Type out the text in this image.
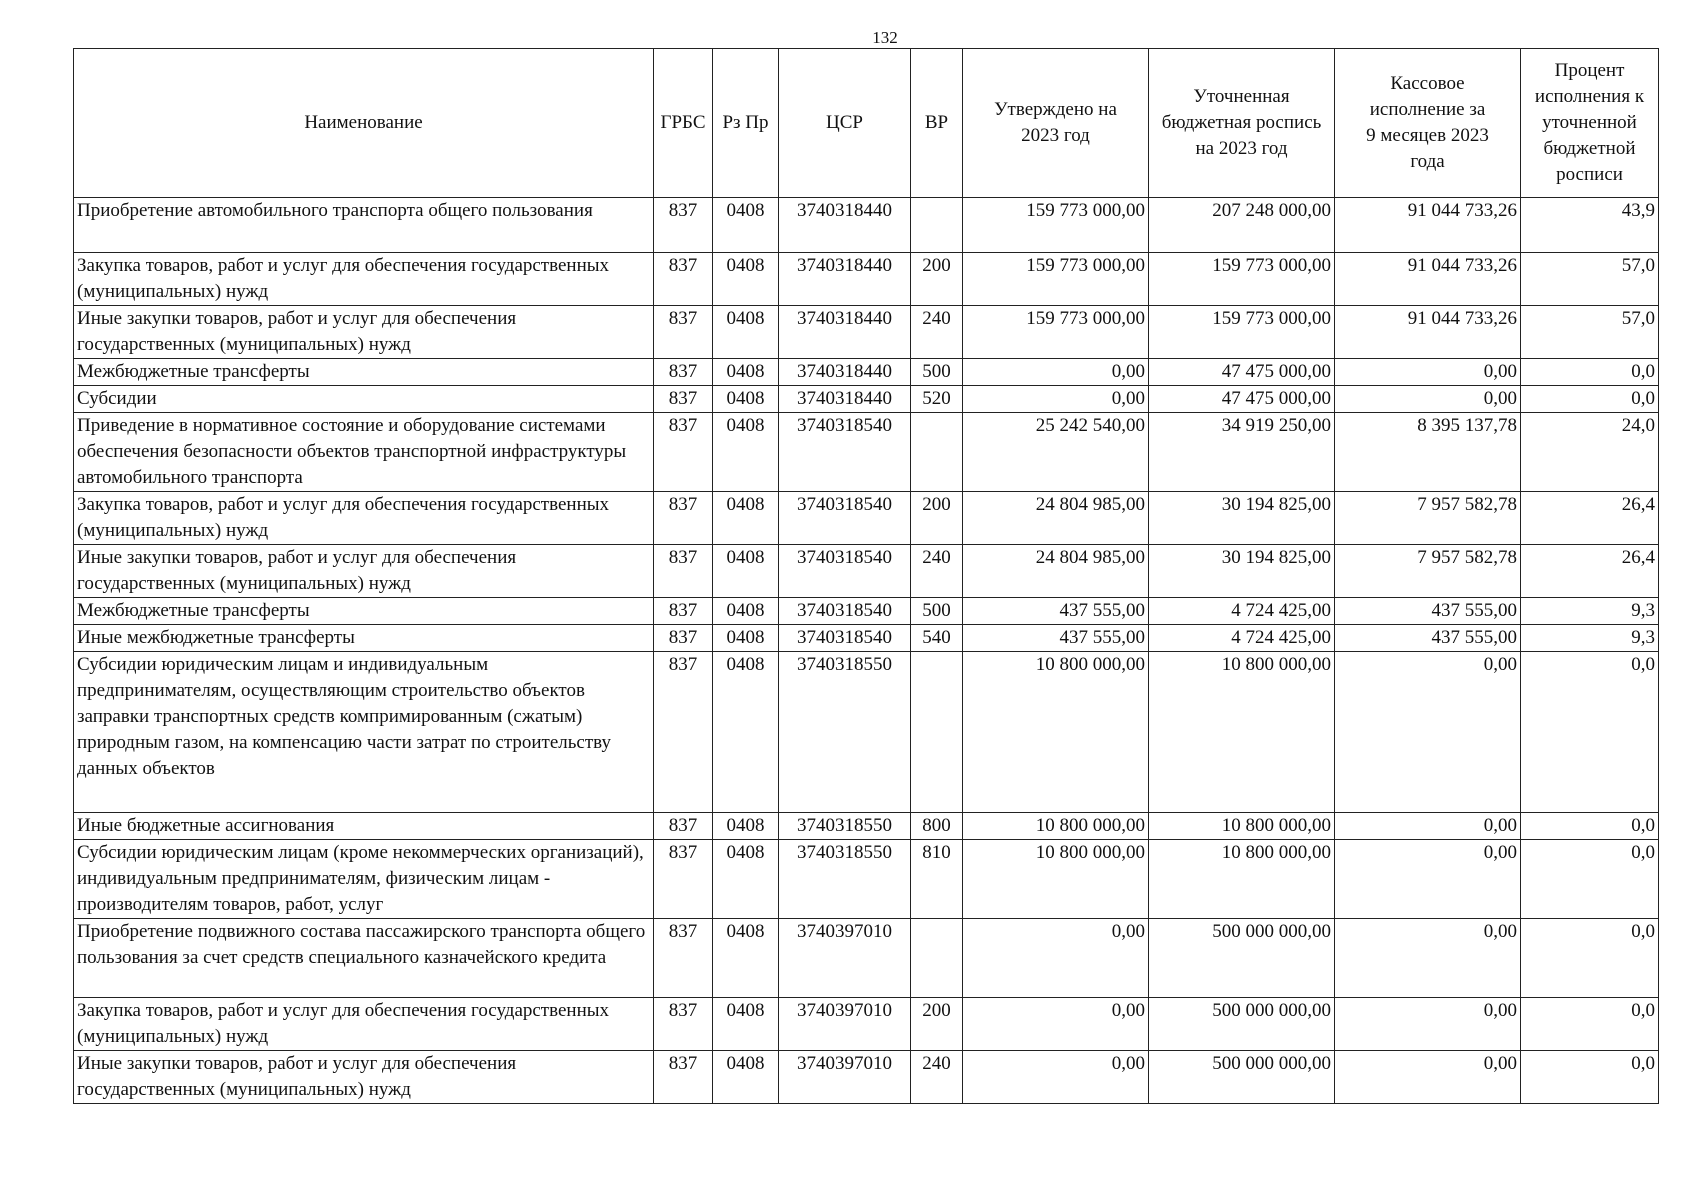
132
Наименование	ГРБС	Рз Пр	ЦСР	ВР	Утверждено на 2023 год	Уточненная бюджетная роспись на 2023 год	Кассовое исполнение за 9 месяцев 2023 года	Процент исполнения к уточненной бюджетной росписи
Приобретение автомобильного транспорта общего пользования	837	0408	3740318440		159 773 000,00	207 248 000,00	91 044 733,26	43,9
Закупка товаров, работ и услуг для обеспечения государственных (муниципальных) нужд	837	0408	3740318440	200	159 773 000,00	159 773 000,00	91 044 733,26	57,0
Иные закупки товаров, работ и услуг для обеспечения государственных (муниципальных) нужд	837	0408	3740318440	240	159 773 000,00	159 773 000,00	91 044 733,26	57,0
Межбюджетные трансферты	837	0408	3740318440	500	0,00	47 475 000,00	0,00	0,0
Субсидии	837	0408	3740318440	520	0,00	47 475 000,00	0,00	0,0
Приведение в нормативное состояние и оборудование системами обеспечения безопасности объектов транспортной инфраструктуры автомобильного транспорта	837	0408	3740318540		25 242 540,00	34 919 250,00	8 395 137,78	24,0
Закупка товаров, работ и услуг для обеспечения государственных (муниципальных) нужд	837	0408	3740318540	200	24 804 985,00	30 194 825,00	7 957 582,78	26,4
Иные закупки товаров, работ и услуг для обеспечения государственных (муниципальных) нужд	837	0408	3740318540	240	24 804 985,00	30 194 825,00	7 957 582,78	26,4
Межбюджетные трансферты	837	0408	3740318540	500	437 555,00	4 724 425,00	437 555,00	9,3
Иные межбюджетные трансферты	837	0408	3740318540	540	437 555,00	4 724 425,00	437 555,00	9,3
Субсидии юридическим лицам и индивидуальным предпринимателям, осуществляющим строительство объектов заправки транспортных средств компримированным (сжатым) природным газом, на компенсацию части затрат по строительству данных объектов	837	0408	3740318550		10 800 000,00	10 800 000,00	0,00	0,0
Иные бюджетные ассигнования	837	0408	3740318550	800	10 800 000,00	10 800 000,00	0,00	0,0
Субсидии юридическим лицам (кроме некоммерческих организаций), индивидуальным предпринимателям, физическим лицам - производителям товаров, работ, услуг	837	0408	3740318550	810	10 800 000,00	10 800 000,00	0,00	0,0
Приобретение подвижного состава пассажирского транспорта общего пользования за счет средств специального казначейского кредита	837	0408	3740397010		0,00	500 000 000,00	0,00	0,0
Закупка товаров, работ и услуг для обеспечения государственных (муниципальных) нужд	837	0408	3740397010	200	0,00	500 000 000,00	0,00	0,0
Иные закупки товаров, работ и услуг для обеспечения государственных (муниципальных) нужд	837	0408	3740397010	240	0,00	500 000 000,00	0,00	0,0
